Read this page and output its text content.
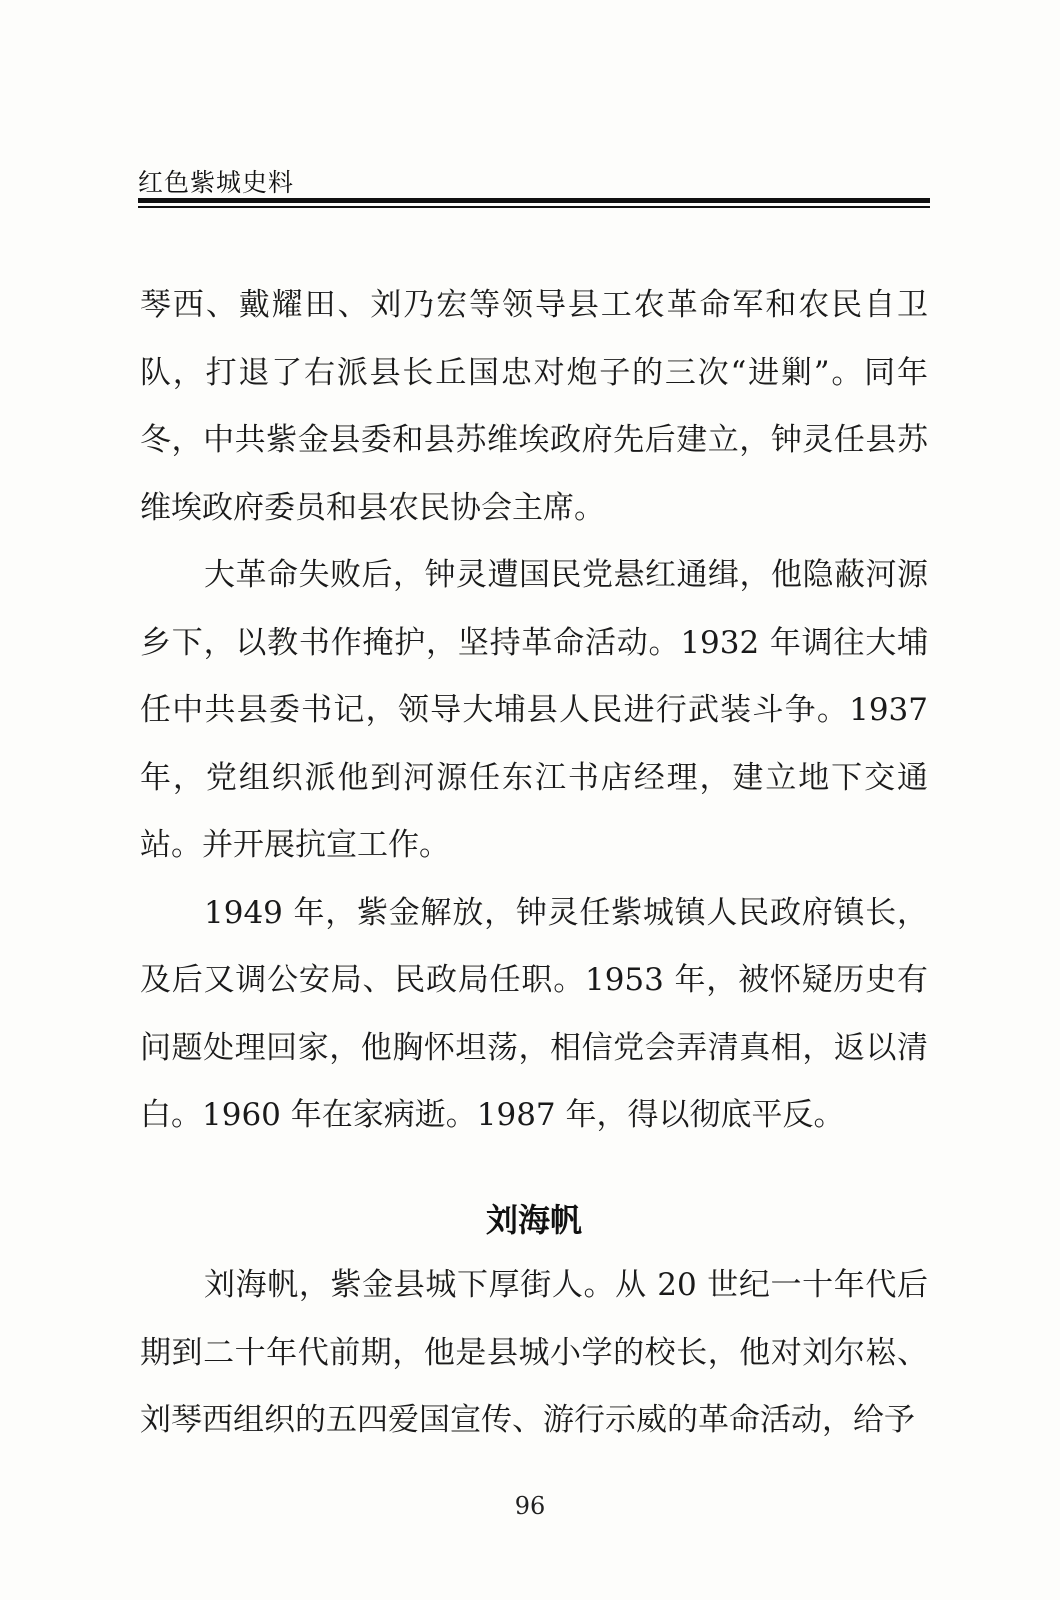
红色紫城史料

琴西、戴耀田、刘乃宏等领导县工农革命军和农民自卫队，打退了右派县长丘国忠对炮子的三次“进剿”。同年冬，中共紫金县委和县苏维埃政府先后建立，钟灵任县苏维埃政府委员和县农民协会主席。

大革命失败后，钟灵遭国民党悬红通缉，他隐蔽河源乡下，以教书作掩护，坚持革命活动。1932 年调往大埔任中共县委书记，领导大埔县人民进行武装斗争。1937 年，党组织派他到河源任东江书店经理，建立地下交通站。并开展抗宣工作。

1949 年，紫金解放，钟灵任紫城镇人民政府镇长，及后又调公安局、民政局任职。1953 年，被怀疑历史有问题处理回家，他胸怀坦荡，相信党会弄清真相，返以清白。1960 年在家病逝。1987 年，得以彻底平反。

刘海帆

刘海帆，紫金县城下厚街人。从 20 世纪一十年代后期到二十年代前期，他是县城小学的校长，他对刘尔崧、刘琴西组织的五四爱国宣传、游行示威的革命活动，给予

96
